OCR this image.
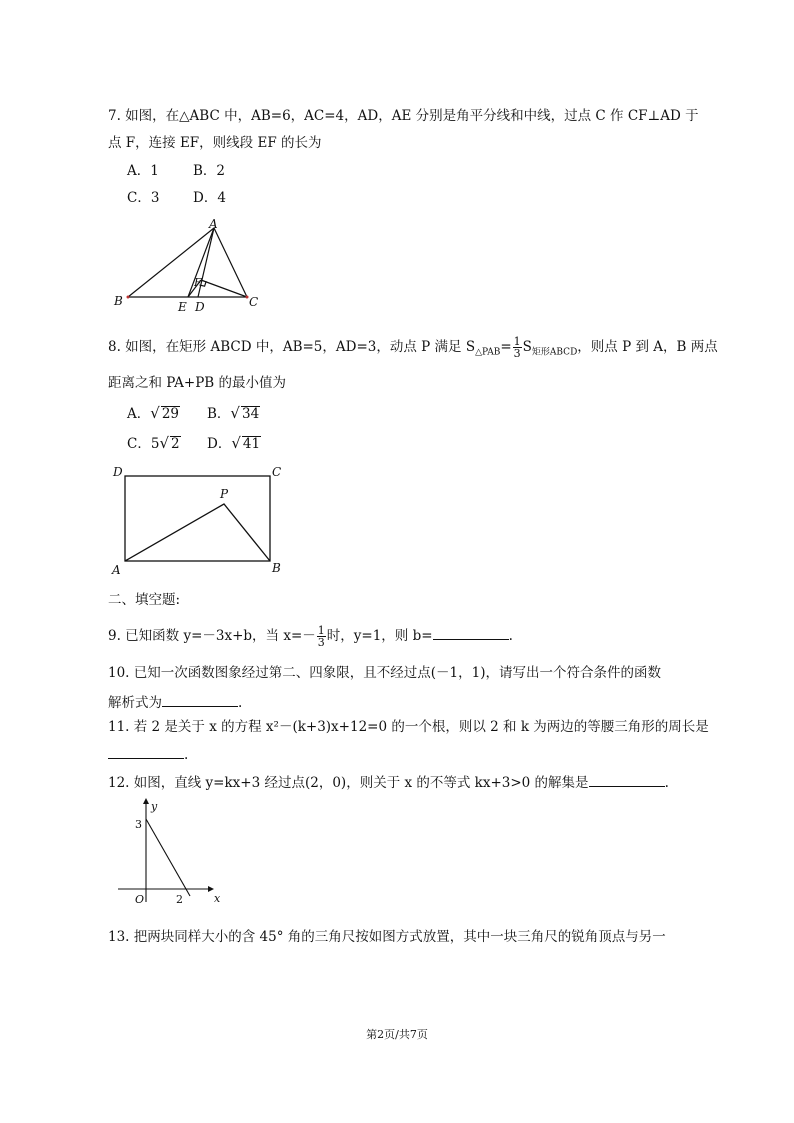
7. 如图，在△ABC 中，AB=6，AC=4，AD，AE 分别是角平分线和中线，过点 C 作 CF⊥AD 于
点 F，连接 EF，则线段 EF 的长为
A．1	B．2
C．3 D．4
A
B	C
D
E
F
8. 如图，在矩形 ABCD 中，AB=5，AD=3，动点 P 满足 $S_{\triangle PAB}= \frac{1}{3} S_{矩形ABCD}$，则点 P 到 A，B 两点
距离之和 PA+PB 的最小值为
A．√ 29 B．√ 34
C．5√ 2 D．√ 41
D	C
A	B
P
二、填空题:
9. 已知函数 y=－3x+b，当 $x=- \frac{1}{3}$ 时，y=1，则 b=	.
10. 已知一次函数图象经过第二、四象限，且不经过点(－1，1)，请写出一个符合条件的函数
解析式为	.
11. 若 2 是关于 x 的方程 x²－(k+3)x+12=0 的一个根，则以 2 和 k 为两边的等腰三角形的周长是
.
12. 如图，直线 y=kx+3 经过点(2，0)，则关于 x 的不等式 kx+3>0 的解集是	.
y
x
O
3
2
13. 把两块同样大小的含 45° 角的三角尺按如图方式放置，其中一块三角尺的锐角顶点与另一
第2页/共7页
